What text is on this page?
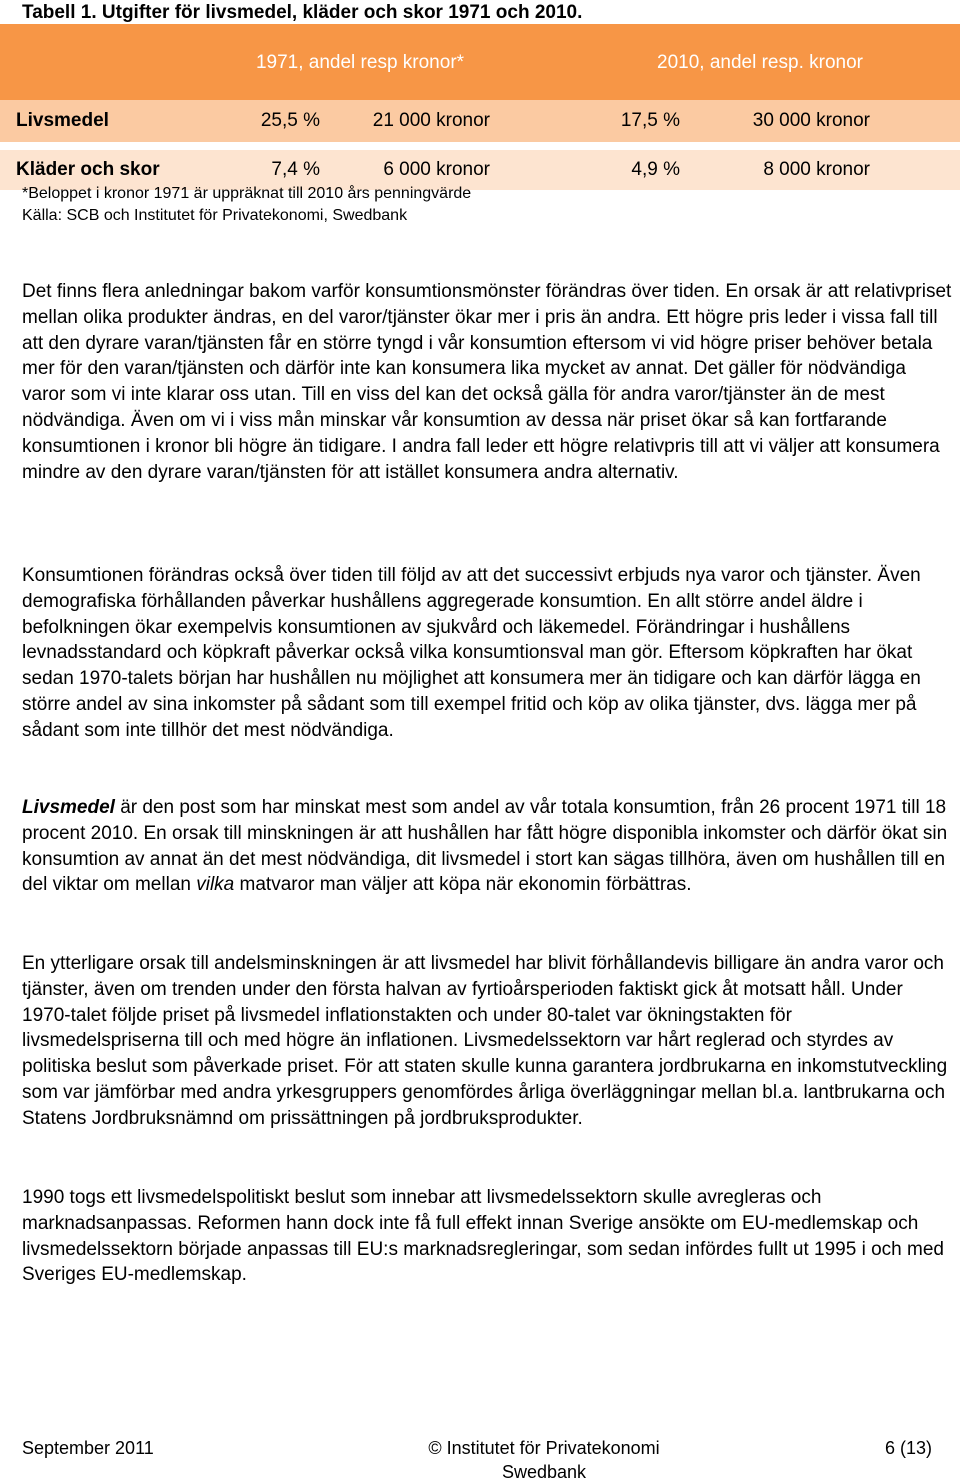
Tabell 1. Utgifter för livsmedel, kläder och skor 1971 och 2010.
	1971, andel resp kronor*		2010, andel resp. kronor		
Livsmedel	25,5 %	21 000 kronor	17,5 %	30 000 kronor	

Kläder och skor	7,4 %	6 000 kronor	4,9 %	8 000 kronor	
*Beloppet i kronor 1971 är uppräknat till 2010 års penningvärde
Källa: SCB och Institutet för Privatekonomi, Swedbank

Det finns flera anledningar bakom varför konsumtionsmönster förändras över tiden. En orsak är att relativpriset mellan olika produkter ändras, en del varor/tjänster ökar mer i pris än andra. Ett högre pris leder i vissa fall till att den dyrare varan/tjänsten får en större tyngd i vår konsumtion eftersom vi vid högre priser behöver betala mer för den varan/tjänsten och därför inte kan konsumera lika mycket av annat. Det gäller för nödvändiga varor som vi inte klarar oss utan. Till en viss del kan det också gälla för andra varor/tjänster än de mest nödvändiga. Även om vi i viss mån minskar vår konsumtion av dessa när priset ökar så kan fortfarande konsumtionen i kronor bli högre än tidigare. I andra fall leder ett högre relativpris till att vi väljer att konsumera mindre av den dyrare varan/tjänsten för att istället konsumera andra alternativ.

Konsumtionen förändras också över tiden till följd av att det successivt erbjuds nya varor och tjänster. Även demografiska förhållanden påverkar hushållens aggregerade konsumtion. En allt större andel äldre i befolkningen ökar exempelvis konsumtionen av sjukvård och läkemedel. Förändringar i hushållens levnadsstandard och köpkraft påverkar också vilka konsumtionsval man gör. Eftersom köpkraften har ökat sedan 1970-talets början har hushållen nu möjlighet att konsumera mer än tidigare och kan därför lägga en större andel av sina inkomster på sådant som till exempel fritid och köp av olika tjänster, dvs. lägga mer på sådant som inte tillhör det mest nödvändiga.

Livsmedel är den post som har minskat mest som andel av vår totala konsumtion, från 26 procent 1971 till 18 procent 2010. En orsak till minskningen är att hushållen har fått högre disponibla inkomster och därför ökat sin konsumtion av annat än det mest nödvändiga, dit livsmedel i stort kan sägas tillhöra, även om hushållen till en del viktar om mellan vilka matvaror man väljer att köpa när ekonomin förbättras.

En ytterligare orsak till andelsminskningen är att livsmedel har blivit förhållandevis billigare än andra varor och tjänster, även om trenden under den första halvan av fyrtioårsperioden faktiskt gick åt motsatt håll. Under 1970-talet följde priset på livsmedel inflationstakten och under 80-talet var ökningstakten för livsmedelspriserna till och med högre än inflationen. Livsmedelssektorn var hårt reglerad och styrdes av politiska beslut som påverkade priset. För att staten skulle kunna garantera jordbrukarna en inkomstutveckling som var jämförbar med andra yrkesgruppers genomfördes årliga överläggningar mellan bl.a. lantbrukarna och Statens Jordbruksnämnd om prissättningen på jordbruksprodukter.

1990 togs ett livsmedelspolitiskt beslut som innebar att livsmedelssektorn skulle avregleras och marknadsanpassas. Reformen hann dock inte få full effekt innan Sverige ansökte om EU-medlemskap och livsmedelssektorn började anpassas till EU:s marknadsregleringar, som sedan infördes fullt ut 1995 i och med Sveriges EU-medlemskap.

September 2011	© Institutet för Privatekonomi Swedbank
6 (13)
